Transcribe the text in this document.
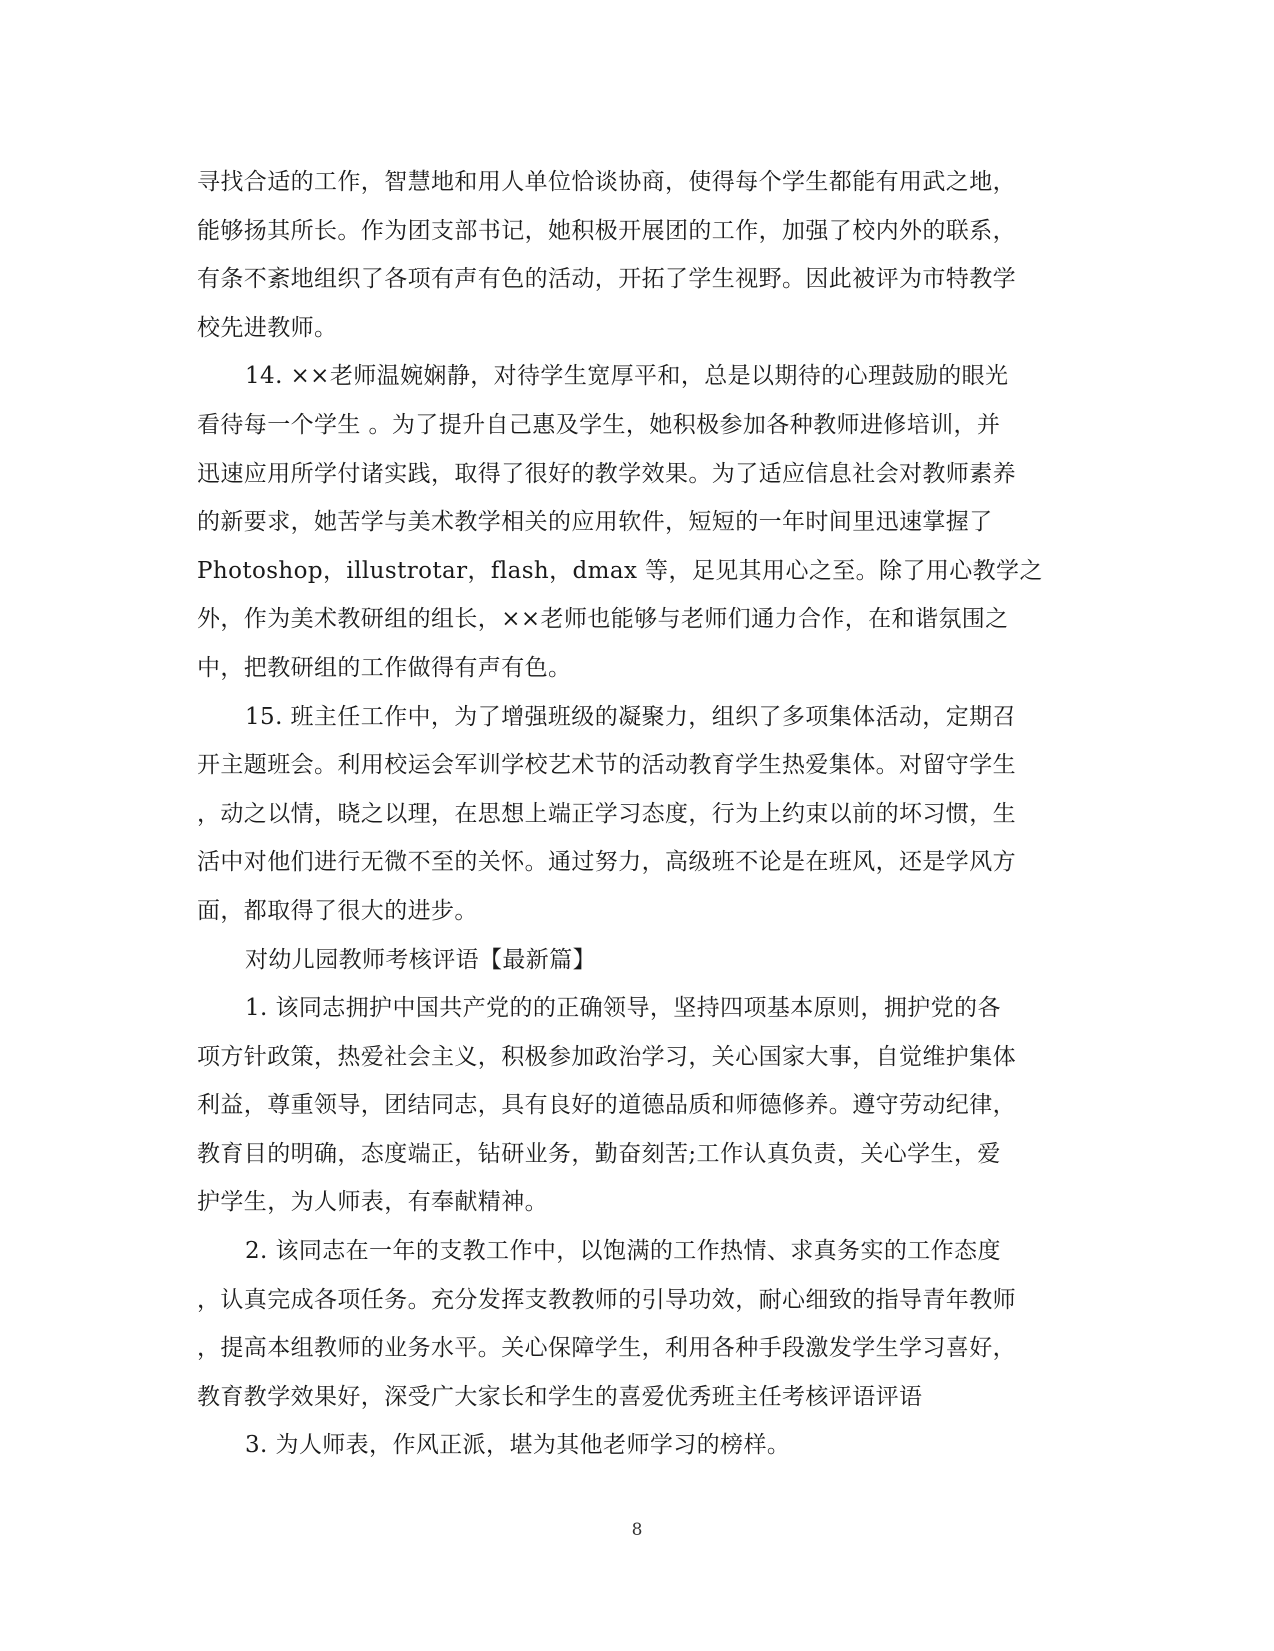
寻找合适的工作，智慧地和用人单位恰谈协商，使得每个学生都能有用武之地，
能够扬其所长。作为团支部书记，她积极开展团的工作，加强了校内外的联系，
有条不紊地组织了各项有声有色的活动，开拓了学生视野。因此被评为市特教学
校先进教师。
14. ××老师温婉娴静，对待学生宽厚平和，总是以期待的心理鼓励的眼光
看待每一个学生 。为了提升自己惠及学生，她积极参加各种教师进修培训，并
迅速应用所学付诸实践，取得了很好的教学效果。为了适应信息社会对教师素养
的新要求，她苦学与美术教学相关的应用软件，短短的一年时间里迅速掌握了
Photoshop，illustrotar，flash，dmax 等，足见其用心之至。除了用心教学之
外，作为美术教研组的组长，××老师也能够与老师们通力合作，在和谐氛围之
中，把教研组的工作做得有声有色。
15. 班主任工作中，为了增强班级的凝聚力，组织了多项集体活动，定期召
开主题班会。利用校运会军训学校艺术节的活动教育学生热爱集体。对留守学生
，动之以情，晓之以理，在思想上端正学习态度，行为上约束以前的坏习惯，生
活中对他们进行无微不至的关怀。通过努力，高级班不论是在班风，还是学风方
面，都取得了很大的进步。
对幼儿园教师考核评语【最新篇】
1. 该同志拥护中国共产党的的正确领导，坚持四项基本原则，拥护党的各
项方针政策，热爱社会主义，积极参加政治学习，关心国家大事，自觉维护集体
利益，尊重领导，团结同志，具有良好的道德品质和师德修养。遵守劳动纪律，
教育目的明确，态度端正，钻研业务，勤奋刻苦;工作认真负责，关心学生，爱
护学生，为人师表，有奉献精神。
2. 该同志在一年的支教工作中，以饱满的工作热情、求真务实的工作态度
，认真完成各项任务。充分发挥支教教师的引导功效，耐心细致的指导青年教师
，提高本组教师的业务水平。关心保障学生，利用各种手段激发学生学习喜好，
教育教学效果好，深受广大家长和学生的喜爱优秀班主任考核评语评语
3. 为人师表，作风正派，堪为其他老师学习的榜样。
8
